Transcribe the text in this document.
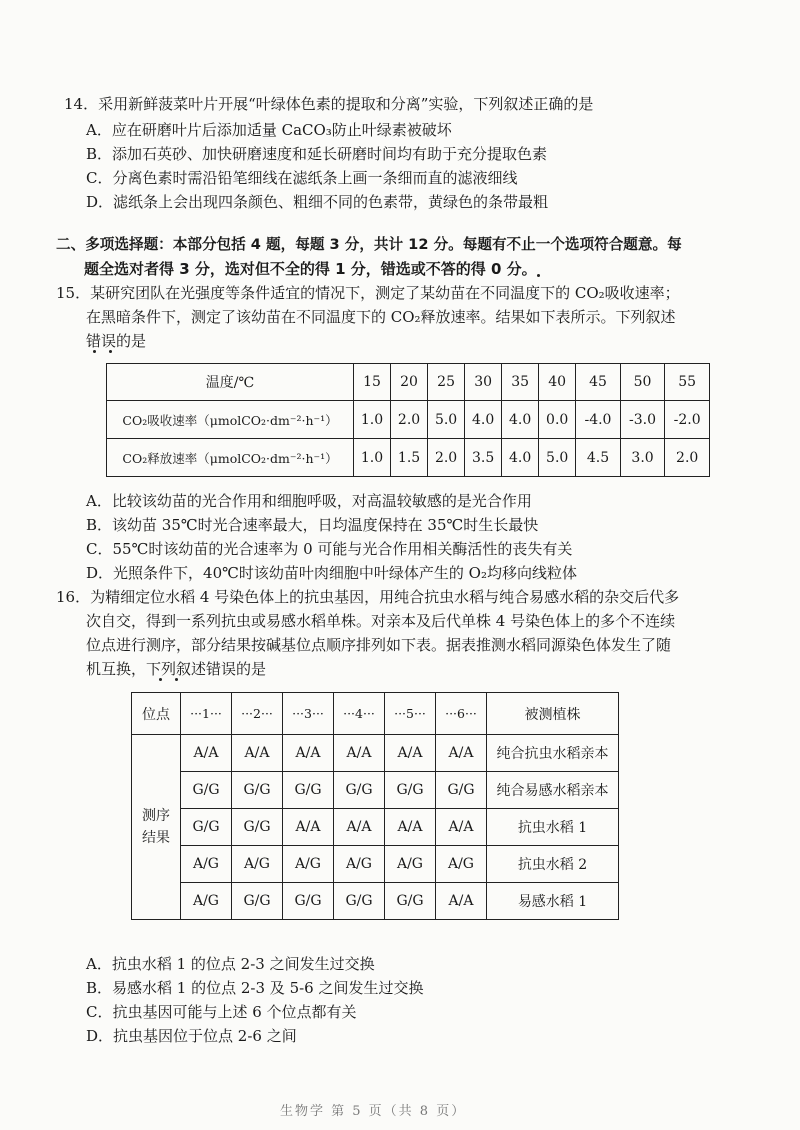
14．采用新鲜菠菜叶片开展“叶绿体色素的提取和分离”实验，下列叙述正确的是
A．应在研磨叶片后添加适量 CaCO₃防止叶绿素被破坏
B．添加石英砂、加快研磨速度和延长研磨时间均有助于充分提取色素
C．分离色素时需沿铅笔细线在滤纸条上画一条细而直的滤液细线
D．滤纸条上会出现四条颜色、粗细不同的色素带，黄绿色的条带最粗
二、多项选择题：本部分包括 4 题，每题 3 分，共计 12 分。每题有不止一个选项符合题意。每
题全选对者得 3 分，选对但不全的得 1 分，错选或不答的得 0 分。
15．某研究团队在光强度等条件适宜的情况下，测定了某幼苗在不同温度下的 CO₂吸收速率；
在黑暗条件下，测定了该幼苗在不同温度下的 CO₂释放速率。结果如下表所示。下列叙述
错误的是
温度/℃	15	20	25	30	35	40	45	50	55
CO₂吸收速率（μmolCO₂·dm⁻²·h⁻¹）	1.0	2.0	5.0	4.0	4.0	0.0	-4.0	-3.0	-2.0
CO₂释放速率（μmolCO₂·dm⁻²·h⁻¹）	1.0	1.5	2.0	3.5	4.0	5.0	4.5	3.0	2.0
A．比较该幼苗的光合作用和细胞呼吸，对高温较敏感的是光合作用
B．该幼苗 35℃时光合速率最大，日均温度保持在 35℃时生长最快
C．55℃时该幼苗的光合速率为 0 可能与光合作用相关酶活性的丧失有关
D．光照条件下，40℃时该幼苗叶肉细胞中叶绿体产生的 O₂均移向线粒体
16．为精细定位水稻 4 号染色体上的抗虫基因，用纯合抗虫水稻与纯合易感水稻的杂交后代多
次自交，得到一系列抗虫或易感水稻单株。对亲本及后代单株 4 号染色体上的多个不连续
位点进行测序，部分结果按碱基位点顺序排列如下表。据表推测水稻同源染色体发生了随
机互换，下列叙述错误的是
位点	···1···	···2···	···3···	···4···	···5···	···6···	被测植株

测序结果	A/A	A/A	A/A	A/A	A/A	A/A	纯合抗虫水稻亲本
	G/G	G/G	G/G	G/G	G/G	G/G	纯合易感水稻亲本
	G/G	G/G	A/A	A/A	A/A	A/A	抗虫水稻 1
	A/G	A/G	A/G	A/G	A/G	A/G	抗虫水稻 2
	A/G	G/G	G/G	G/G	G/G	A/A	易感水稻 1
A．抗虫水稻 1 的位点 2-3 之间发生过交换
B．易感水稻 1 的位点 2-3 及 5-6 之间发生过交换
C．抗虫基因可能与上述 6 个位点都有关
D．抗虫基因位于位点 2-6 之间
生物学 第 5 页（共 8 页）
